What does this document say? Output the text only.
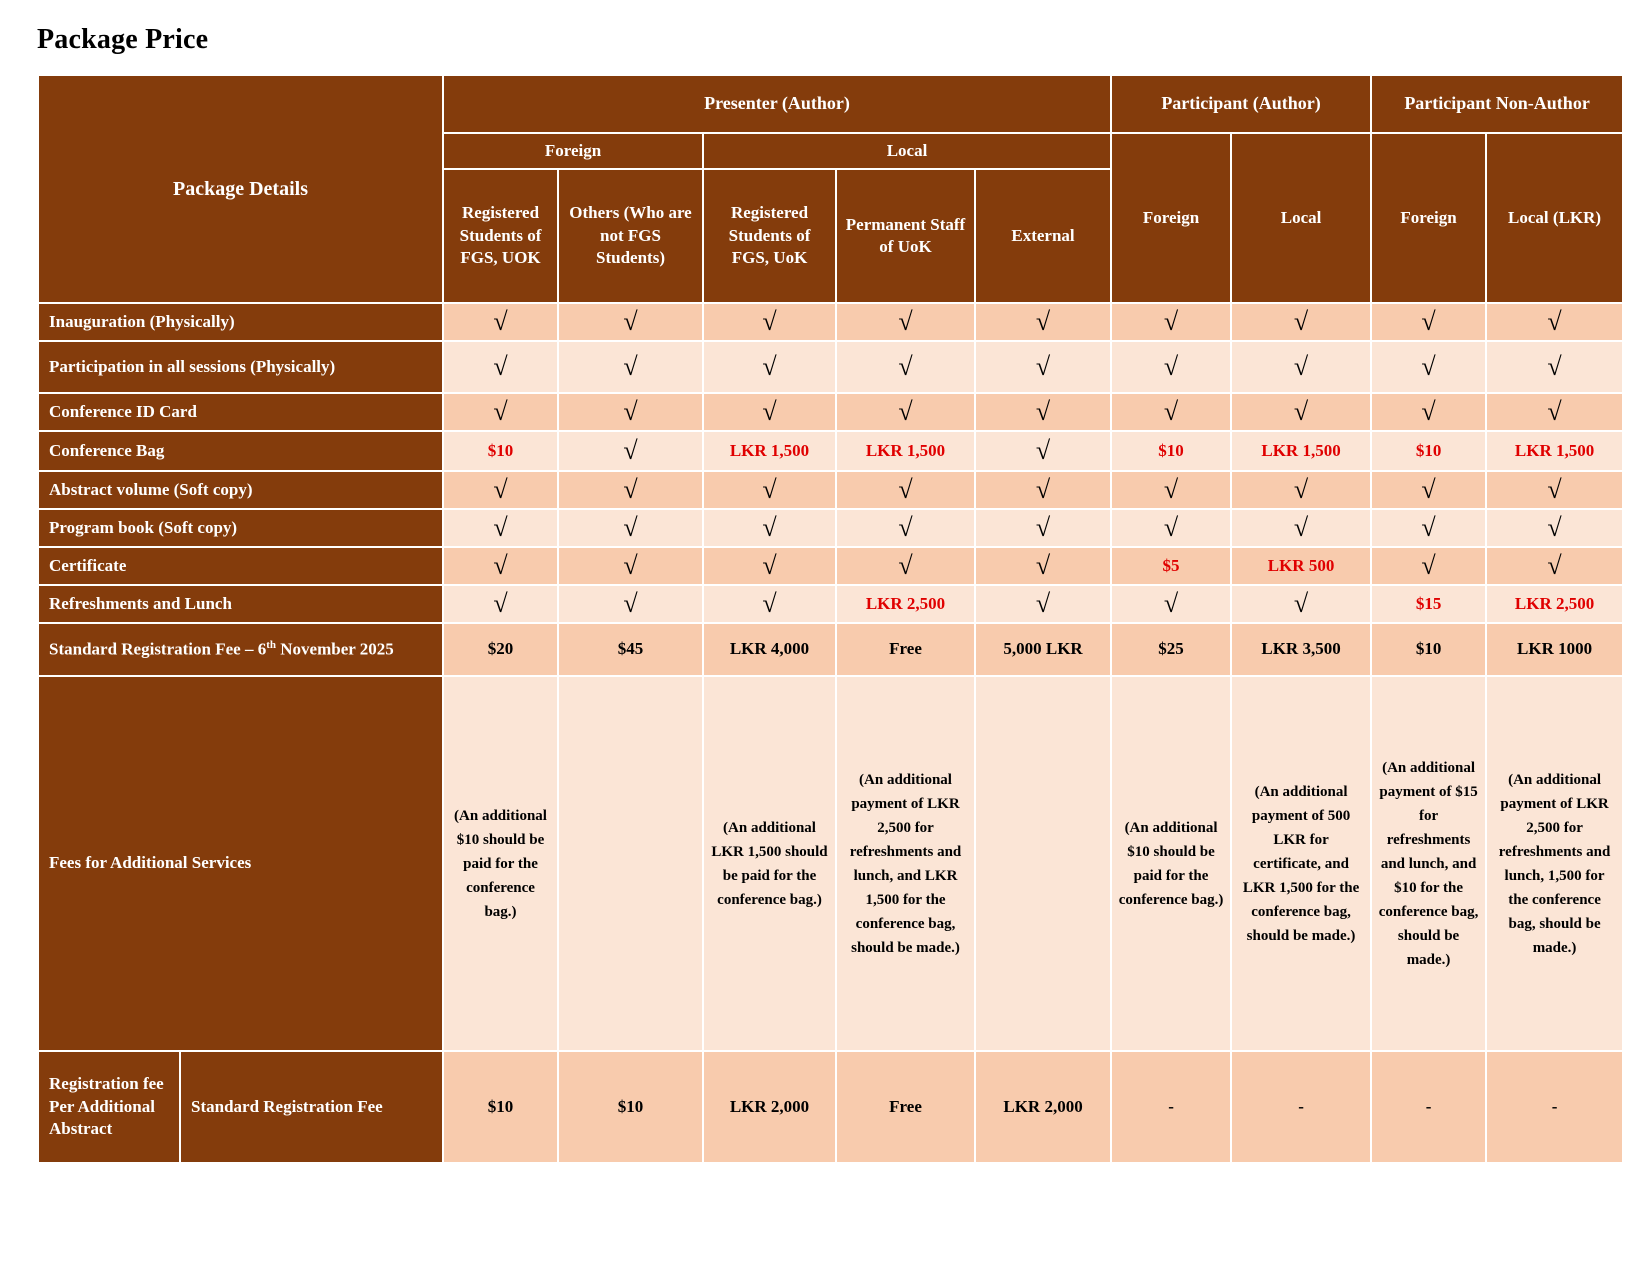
Package Price
Package Details		Presenter (Author)					Participant (Author)		Participant Non-Author	
		Foreign		Local			Foreign	Local	Foreign	Local (LKR)
		Registered Students of FGS, UOK	Others (Who are not FGS Students)	Registered Students of FGS, UoK	Permanent Staff of UoK	External				
Inauguration (Physically)		√	√	√	√	√	√	√	√	√
Participation in all sessions (Physically)		√	√	√	√	√	√	√	√	√
Conference ID Card		√	√	√	√	√	√	√	√	√
Conference Bag		$10	√	LKR 1,500	LKR 1,500	√	$10	LKR 1,500	$10	LKR 1,500
Abstract volume (Soft copy)		√	√	√	√	√	√	√	√	√
Program book (Soft copy)		√	√	√	√	√	√	√	√	√
Certificate		√	√	√	√	√	$5	LKR 500	√	√
Refreshments and Lunch		√	√	√	LKR 2,500	√	√	√	$15	LKR 2,500
Standard Registration Fee – 6th November 2025		$20	$45	LKR 4,000	Free	5,000 LKR	$25	LKR 3,500	$10	LKR 1000
Fees for Additional Services		(An additional $10 should be paid for the conference bag.)		(An additional LKR 1,500 should be paid for the conference bag.)	(An additional payment of LKR 2,500 for refreshments and lunch, and LKR 1,500 for the conference bag, should be made.)		(An additional $10 should be paid for the conference bag.)	(An additional payment of 500 LKR for certificate, and LKR 1,500 for the conference bag, should be made.)	(An additional payment of $15 for refreshments and lunch, and $10 for the conference bag, should be made.)	(An additional payment of LKR 2,500 for refreshments and lunch, 1,500 for the conference bag, should be made.)
Registration fee Per Additional Abstract	Standard Registration Fee	$10	$10	LKR 2,000	Free	LKR 2,000	-	-	-	-
